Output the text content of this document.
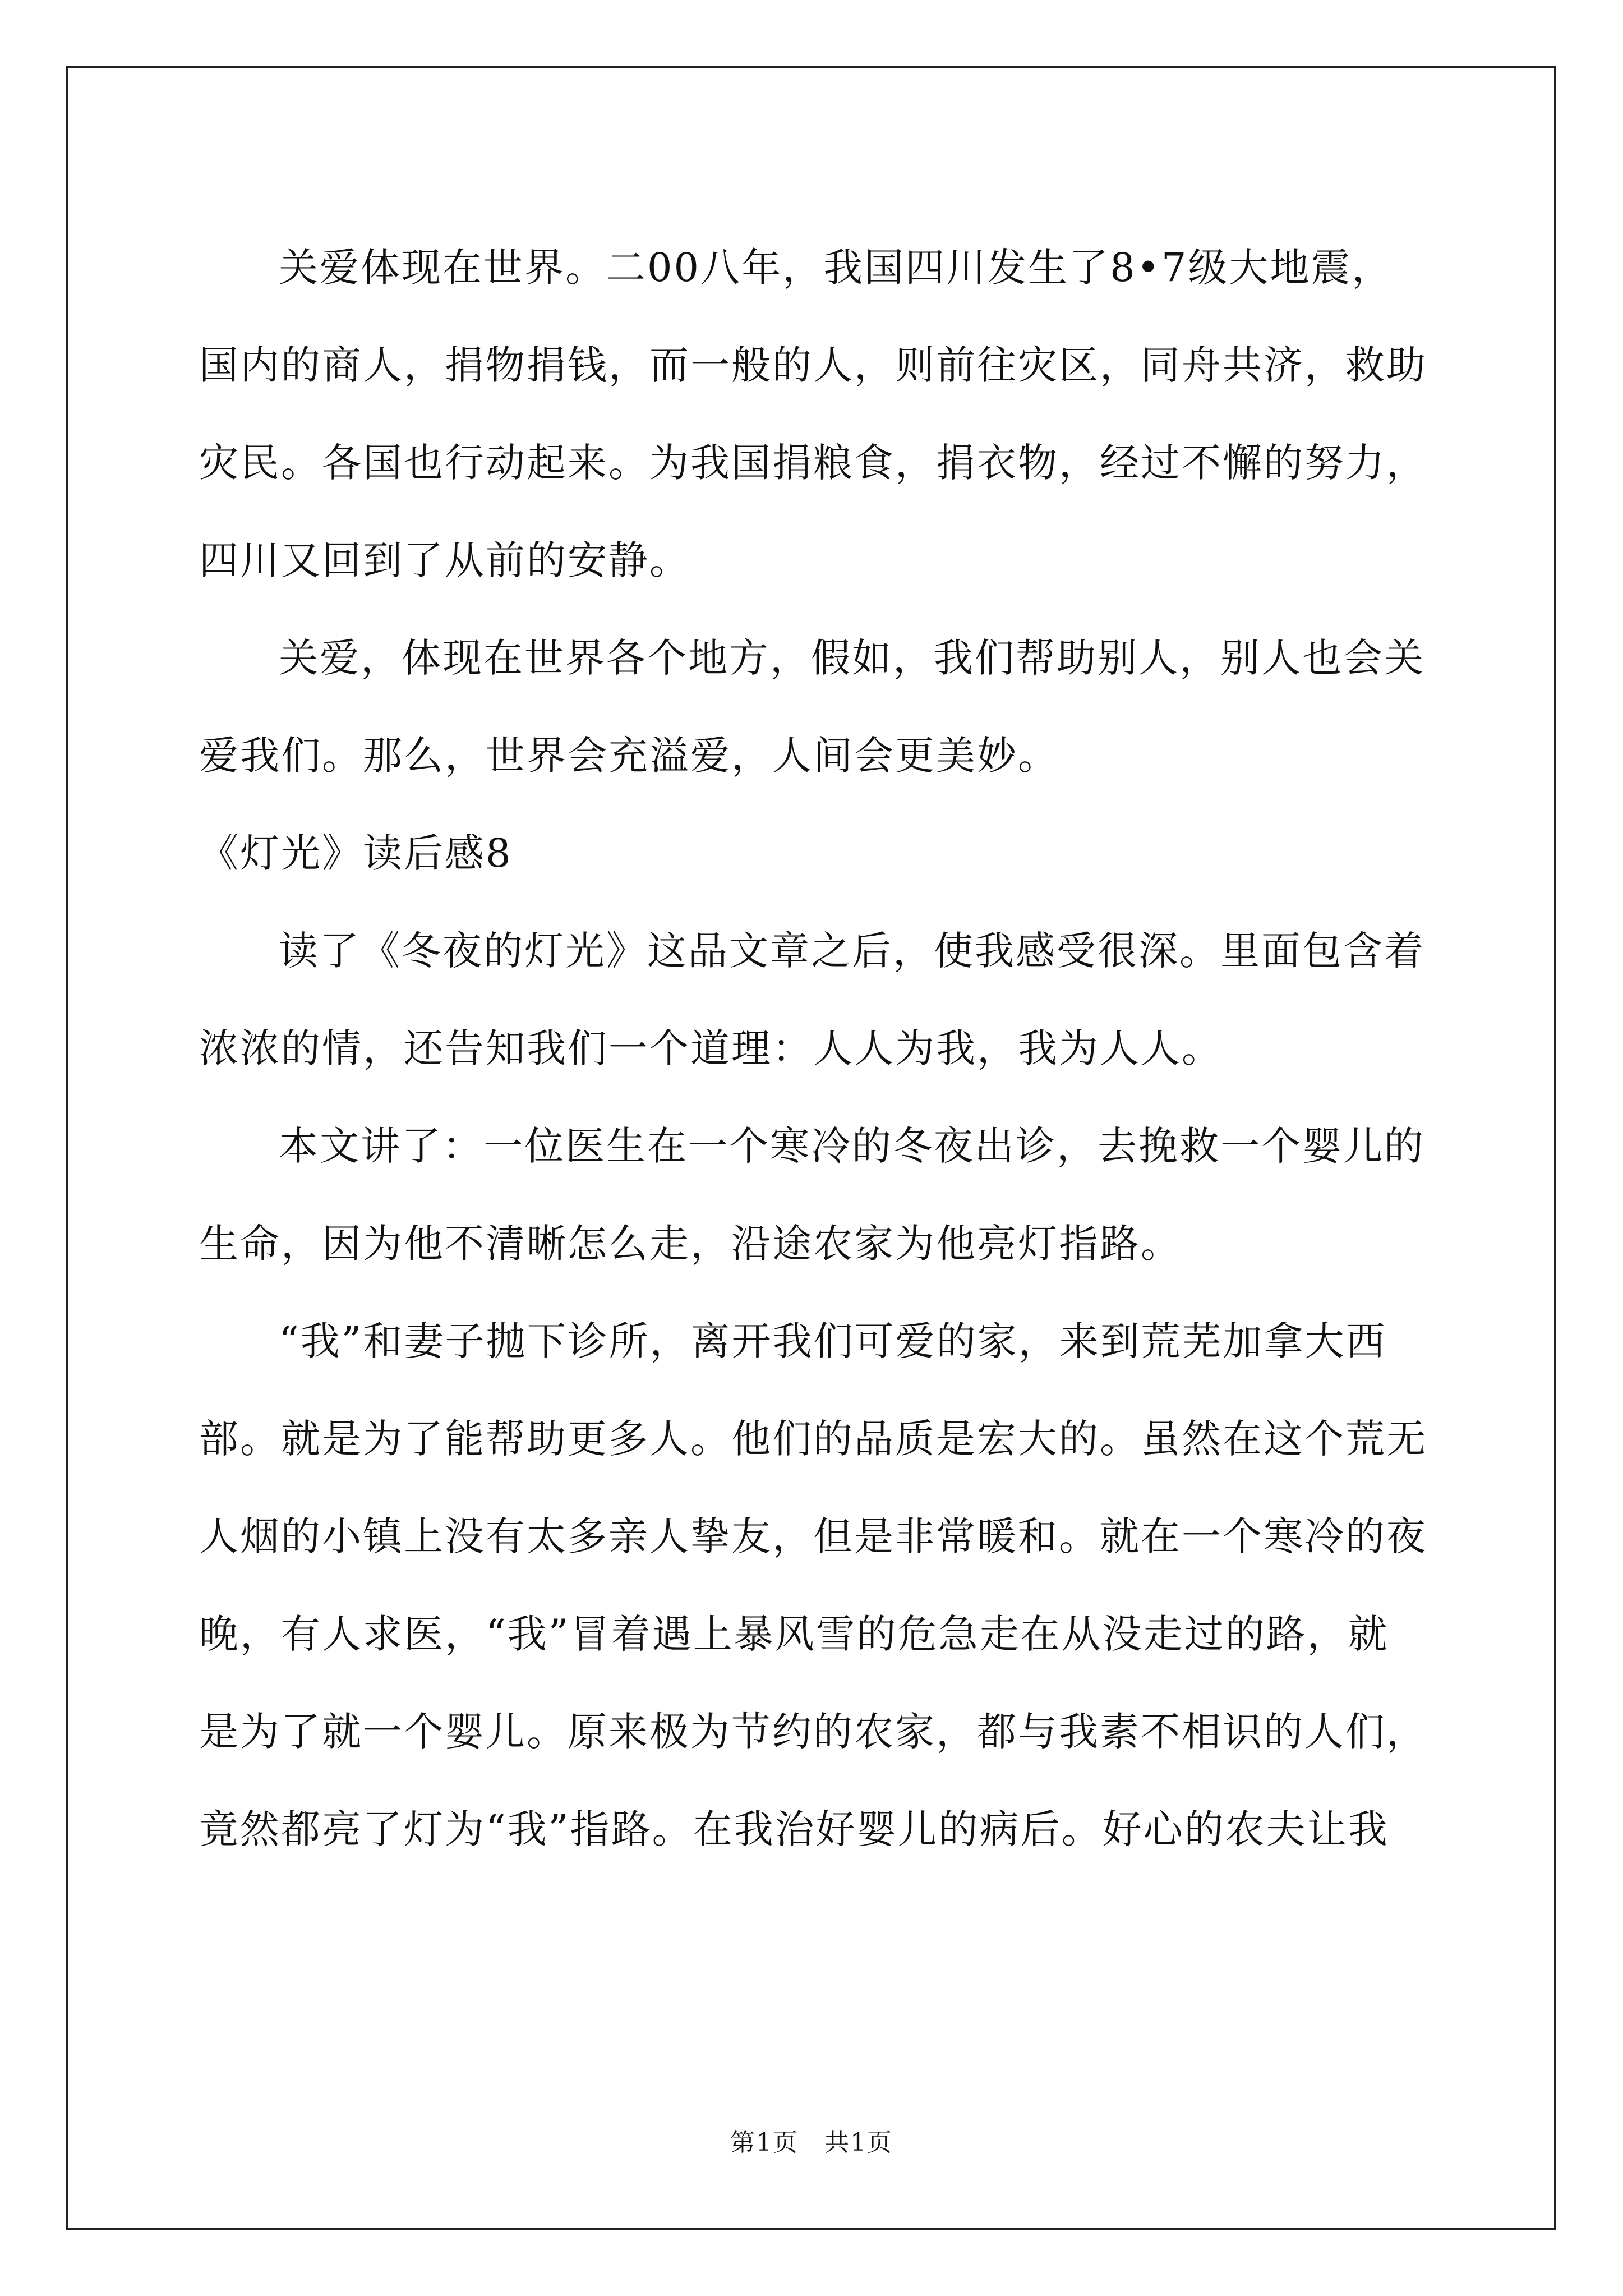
关爱体现在世界。二00八年，我国四川发生了8•7级大地震，国内的商人，捐物捐钱，而一般的人，则前往灾区，同舟共济，救助灾民。各国也行动起来。为我国捐粮食，捐衣物，经过不懈的努力，四川又回到了从前的安静。

关爱，体现在世界各个地方，假如，我们帮助别人，别人也会关爱我们。那么，世界会充溢爱，人间会更美妙。

《灯光》读后感8

读了《冬夜的灯光》这品文章之后，使我感受很深。里面包含着浓浓的情，还告知我们一个道理：人人为我，我为人人。

本文讲了：一位医生在一个寒冷的冬夜出诊，去挽救一个婴儿的生命，因为他不清晰怎么走，沿途农家为他亮灯指路。

“我”和妻子抛下诊所，离开我们可爱的家，来到荒芜加拿大西部。就是为了能帮助更多人。他们的品质是宏大的。虽然在这个荒无人烟的小镇上没有太多亲人挚友，但是非常暖和。就在一个寒冷的夜晚，有人求医，“我”冒着遇上暴风雪的危急走在从没走过的路，就是为了就一个婴儿。原来极为节约的农家，都与我素不相识的人们，竟然都亮了灯为“我”指路。在我治好婴儿的病后。好心的农夫让我

第1页　共1页
